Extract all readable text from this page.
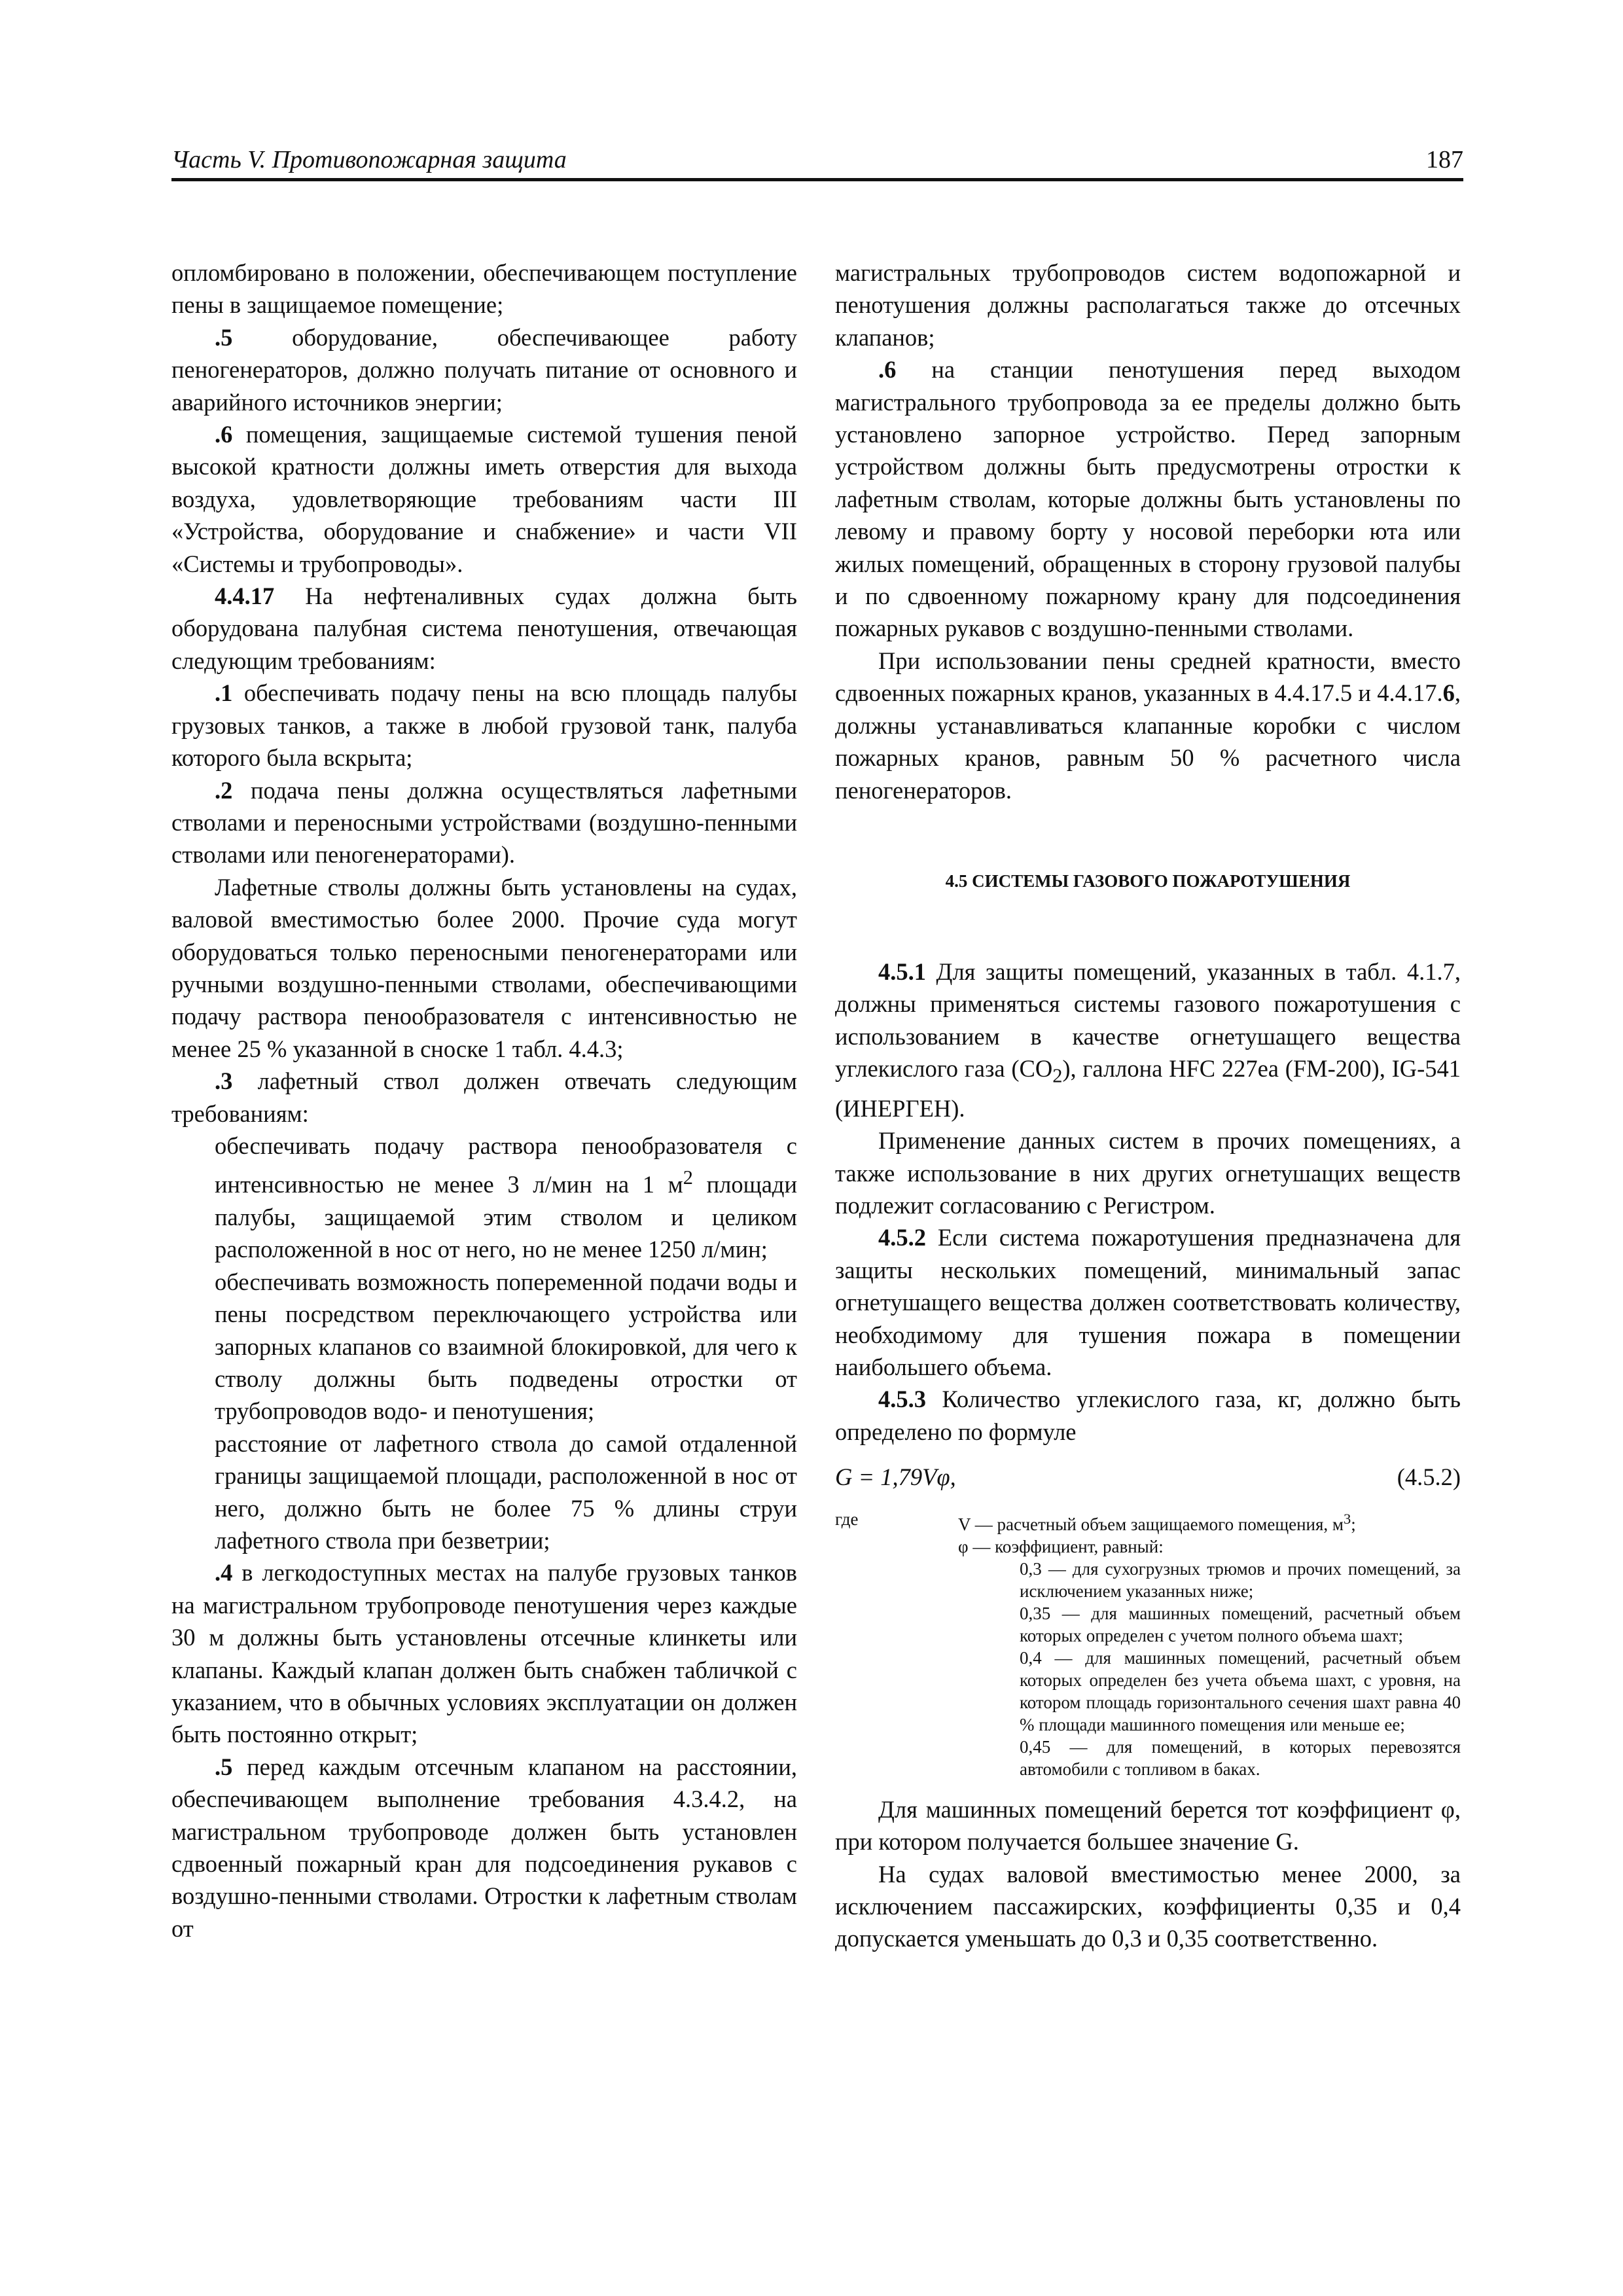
Часть V. Противопожарная защита	187

опломбировано в положении, обеспечивающем поступление пены в защищаемое помещение;

.5 оборудование, обеспечивающее работу пеногенераторов, должно получать питание от основного и аварийного источников энергии;

.6 помещения, защищаемые системой тушения пеной высокой кратности должны иметь отверстия для выхода воздуха, удовлетворяющие требованиям части III «Устройства, оборудование и снабжение» и части VII «Системы и трубопроводы».

4.4.17 На нефтеналивных судах должна быть оборудована палубная система пенотушения, отвечающая следующим требованиям:

.1 обеспечивать подачу пены на всю площадь палубы грузовых танков, а также в любой грузовой танк, палуба которого была вскрыта;

.2 подача пены должна осуществляться лафетными стволами и переносными устройствами (воздушно-пенными стволами или пеногенераторами).

Лафетные стволы должны быть установлены на судах, валовой вместимостью более 2000. Прочие суда могут оборудоваться только переносными пеногенераторами или ручными воздушно-пенными стволами, обеспечивающими подачу раствора пенообразователя с интенсивностью не менее 25 % указанной в сноске 1 табл. 4.4.3;

.3 лафетный ствол должен отвечать следующим требованиям:

обеспечивать подачу раствора пенообразователя с интенсивностью не менее 3 л/мин на 1 $м^2$ площади палубы, защищаемой этим стволом и целиком расположенной в нос от него, но не менее 1250 л/мин;

обеспечивать возможность попеременной подачи воды и пены посредством переключающего устройства или запорных клапанов со взаимной блокировкой, для чего к стволу должны быть подведены отростки от трубопроводов водо- и пенотушения;

расстояние от лафетного ствола до самой отдаленной границы защищаемой площади, расположенной в нос от него, должно быть не более 75 % длины струи лафетного ствола при безветрии;

.4 в легкодоступных местах на палубе грузовых танков на магистральном трубопроводе пенотушения через каждые 30 м должны быть установлены отсечные клинкеты или клапаны. Каждый клапан должен быть снабжен табличкой с указанием, что в обычных условиях эксплуатации он должен быть постоянно открыт;

.5 перед каждым отсечным клапаном на расстоянии, обеспечивающем выполнение требования 4.3.4.2, на магистральном трубопроводе должен быть установлен сдвоенный пожарный кран для подсоединения рукавов с воздушно-пенными стволами. Отростки к лафетным стволам от

магистральных трубопроводов систем водопожарной и пенотушения должны располагаться также до отсечных клапанов;

.6 на станции пенотушения перед выходом магистрального трубопровода за ее пределы должно быть установлено запорное устройство. Перед запорным устройством должны быть предусмотрены отростки к лафетным стволам, которые должны быть установлены по левому и правому борту у носовой переборки юта или жилых помещений, обращенных в сторону грузовой палубы и по сдвоенному пожарному крану для подсоединения пожарных рукавов с воздушно-пенными стволами.

При использовании пены средней кратности, вместо сдвоенных пожарных кранов, указанных в 4.4.17.5 и 4.4.17.6, должны устанавливаться клапанные коробки с числом пожарных кранов, равным 50 % расчетного числа пеногенераторов.

4.5 СИСТЕМЫ ГАЗОВОГО ПОЖАРОТУШЕНИЯ

4.5.1 Для защиты помещений, указанных в табл. 4.1.7, должны применяться системы газового пожаротушения с использованием в качестве огнетушащего вещества углекислого газа $(CO_2)$, галлона HFC 227ea (FM-200), IG-541 (ИНЕРГЕН).

Применение данных систем в прочих помещениях, а также использование в них других огнетушащих веществ подлежит согласованию с Регистром.

4.5.2 Если система пожаротушения предназначена для защиты нескольких помещений, минимальный запас огнетушащего вещества должен соответствовать количеству, необходимому для тушения пожара в помещении наибольшего объема.

4.5.3 Количество углекислого газа, кг, должно быть определено по формуле

G = 1,79Vφ,	(4.5.2)
где	V — расчетный объем защищаемого помещения, $м^3$;

φ — коэффициент, равный:

0,3 — для сухогрузных трюмов и прочих помещений, за исключением указанных ниже;

0,35 — для машинных помещений, расчетный объем которых определен с учетом полного объема шахт;

0,4 — для машинных помещений, расчетный объем которых определен без учета объема шахт, с уровня, на котором площадь горизонтального сечения шахт равна 40 % площади машинного помещения или меньше ее;

0,45 — для помещений, в которых перевозятся автомобили с топливом в баках.

Для машинных помещений берется тот коэффициент φ, при котором получается большее значение G.

На судах валовой вместимостью менее 2000, за исключением пассажирских, коэффициенты 0,35 и 0,4 допускается уменьшать до 0,3 и 0,35 соответственно.
